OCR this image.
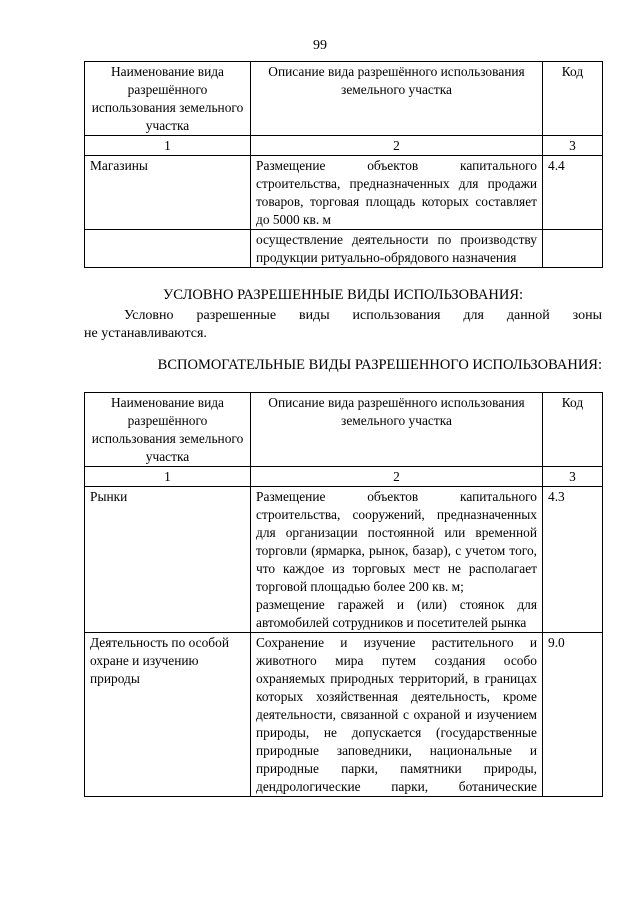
99
Наименование вида разрешённого использования земельного участка	Описание вида разрешённого использования земельного участка	Код
1	2	3
Магазины	Размещение объектов капитального строительства, предназначенных для продажи товаров, торговая площадь которых составляет до 5000 кв. м	4.4
	осуществление деятельности по производству продукции ритуально-обрядового назначения	
УСЛОВНО РАЗРЕШЕННЫЕ ВИДЫ ИСПОЛЬЗОВАНИЯ:
Условно разрешенные виды использования для данной зоны
не устанавливаются.
ВСПОМОГАТЕЛЬНЫЕ ВИДЫ РАЗРЕШЕННОГО ИСПОЛЬЗОВАНИЯ:
Наименование вида разрешённого использования земельного участка	Описание вида разрешённого использования земельного участка	Код
1	2	3
Рынки	Размещение объектов капитального строительства, сооружений, предназначенных для организации постоянной или временной торговли (ярмарка, рынок, базар), с учетом того, что каждое из торговых мест не располагает торговой площадью более 200 кв. м;
размещение гаражей и (или) стоянок для автомобилей сотрудников и посетителей рынка	4.3
Деятельность по особой охране и изучению природы	Сохранение и изучение растительного и животного мира путем создания особо охраняемых природных территорий, в границах которых хозяйственная деятельность, кроме деятельности, связанной с охраной и изучением природы, не допускается (государственные природные заповедники, национальные и природные парки, памятники природы, дендрологические парки, ботанические	9.0
